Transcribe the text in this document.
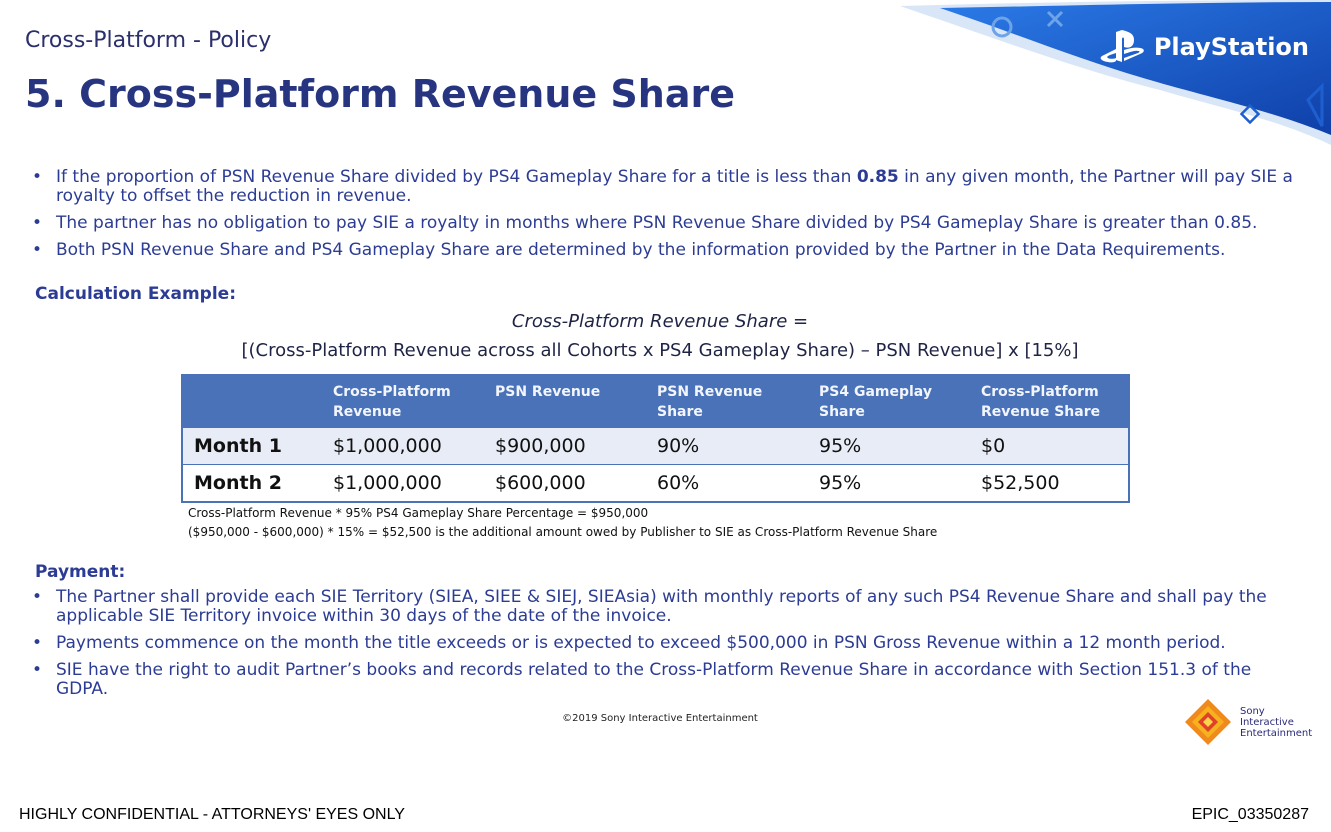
PlayStation
Cross-Platform - Policy
5. Cross-Platform Revenue Share
• If the proportion of PSN Revenue Share divided by PS4 Gameplay Share for a title is less than 0.85 in any given month, the Partner will pay SIE a royalty to offset the reduction in revenue.
• The partner has no obligation to pay SIE a royalty in months where PSN Revenue Share divided by PS4 Gameplay Share is greater than 0.85.
• Both PSN Revenue Share and PS4 Gameplay Share are determined by the information provided by the Partner in the Data Requirements.
Calculation Example:
Cross-Platform Revenue Share =
[(Cross-Platform Revenue across all Cohorts x PS4 Gameplay Share) – PSN Revenue] x [15%]
	Cross-Platform Revenue	PSN Revenue	PSN Revenue Share	PS4 Gameplay Share	Cross-Platform Revenue Share
Month 1	$1,000,000	$900,000	90%	95%	$0
Month 2	$1,000,000	$600,000	60%	95%	$52,500
Cross-Platform Revenue * 95% PS4 Gameplay Share Percentage = $950,000
($950,000 - $600,000) * 15% = $52,500 is the additional amount owed by Publisher to SIE as Cross-Platform Revenue Share
Payment:
• The Partner shall provide each SIE Territory (SIEA, SIEE & SIEJ, SIEAsia) with monthly reports of any such PS4 Revenue Share and shall pay the applicable SIE Territory invoice within 30 days of the date of the invoice.
• Payments commence on the month the title exceeds or is expected to exceed $500,000 in PSN Gross Revenue within a 12 month period.
• SIE have the right to audit Partner’s books and records related to the Cross-Platform Revenue Share in accordance with Section 151.3 of the GDPA.
©2019 Sony Interactive Entertainment
Sony
Interactive
Entertainment
HIGHLY CONFIDENTIAL - ATTORNEYS' EYES ONLY	EPIC_03350287
